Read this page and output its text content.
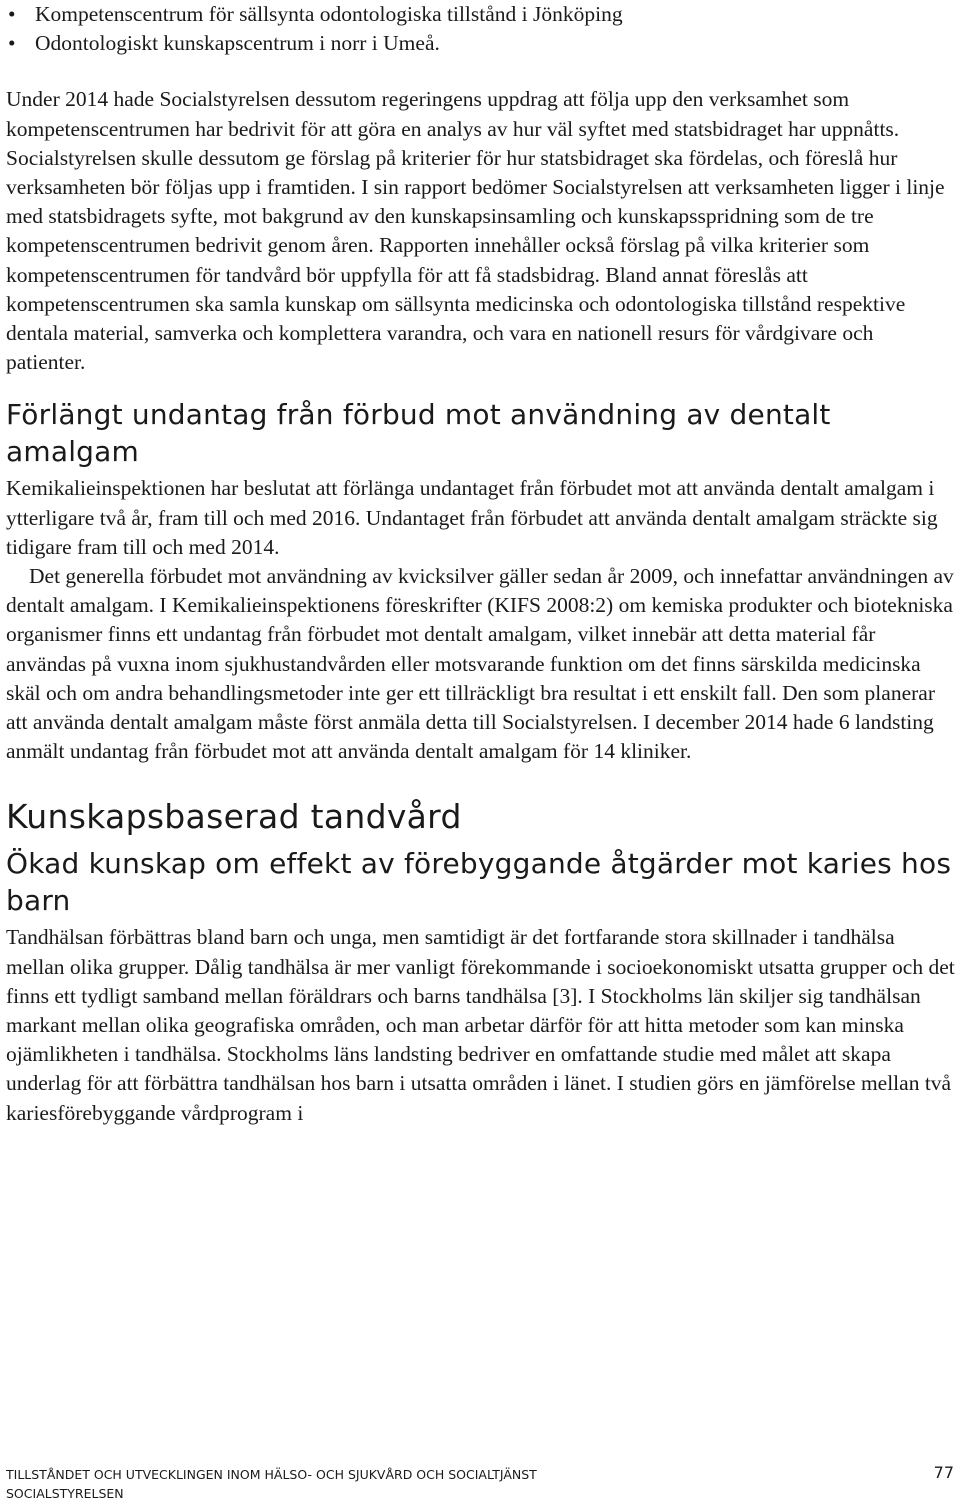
• Kompetenscentrum för sällsynta odontologiska tillstånd i Jönköping
• Odontologiskt kunskapscentrum i norr i Umeå.

Under 2014 hade Socialstyrelsen dessutom regeringens uppdrag att följa upp den verksamhet som kompetenscentrumen har bedrivit för att göra en analys av hur väl syftet med statsbidraget har uppnåtts. Socialstyrelsen skulle dessutom ge förslag på kriterier för hur statsbidraget ska fördelas, och föreslå hur verksamheten bör följas upp i framtiden. I sin rapport bedömer Socialstyrelsen att verksamheten ligger i linje med statsbidragets syfte, mot bakgrund av den kunskapsinsamling och kunskapsspridning som de tre kompetenscentrumen bedrivit genom åren. Rapporten innehåller också förslag på vilka kriterier som kompetenscentrumen för tandvård bör uppfylla för att få stadsbidrag. Bland annat föreslås att kompetenscentrumen ska samla kunskap om sällsynta medicinska och odontologiska tillstånd respektive dentala material, samverka och komplettera varandra, och vara en nationell resurs för vårdgivare och patienter.

Förlängt undantag från förbud mot användning av dentalt amalgam

Kemikalieinspektionen har beslutat att förlänga undantaget från förbudet mot att använda dentalt amalgam i ytterligare två år, fram till och med 2016. Undantaget från förbudet att använda dentalt amalgam sträckte sig tidigare fram till och med 2014.

Det generella förbudet mot användning av kvicksilver gäller sedan år 2009, och innefattar användningen av dentalt amalgam. I Kemikalieinspektionens föreskrifter (KIFS 2008:2) om kemiska produkter och biotekniska organismer finns ett undantag från förbudet mot dentalt amalgam, vilket innebär att detta material får användas på vuxna inom sjukhustandvården eller motsvarande funktion om det finns särskilda medicinska skäl och om andra behandlingsmetoder inte ger ett tillräckligt bra resultat i ett enskilt fall. Den som planerar att använda dentalt amalgam måste först anmäla detta till Socialstyrelsen. I december 2014 hade 6 landsting anmält undantag från förbudet mot att använda dentalt amalgam för 14 kliniker.

Kunskapsbaserad tandvård
Ökad kunskap om effekt av förebyggande åtgärder mot karies hos barn

Tandhälsan förbättras bland barn och unga, men samtidigt är det fortfarande stora skillnader i tandhälsa mellan olika grupper. Dålig tandhälsa är mer vanligt förekommande i socioekonomiskt utsatta grupper och det finns ett tydligt samband mellan föräldrars och barns tandhälsa [3]. I Stockholms län skiljer sig tandhälsan markant mellan olika geografiska områden, och man arbetar därför för att hitta metoder som kan minska ojämlikheten i tandhälsa. Stockholms läns landsting bedriver en omfattande studie med målet att skapa underlag för att förbättra tandhälsan hos barn i utsatta områden i länet. I studien görs en jämförelse mellan två kariesförebyggande vårdprogram i

TILLSTÅNDET OCH UTVECKLINGEN INOM HÄLSO- OCH SJUKVÅRD OCH SOCIALTJÄNST
SOCIALSTYRELSEN
77
